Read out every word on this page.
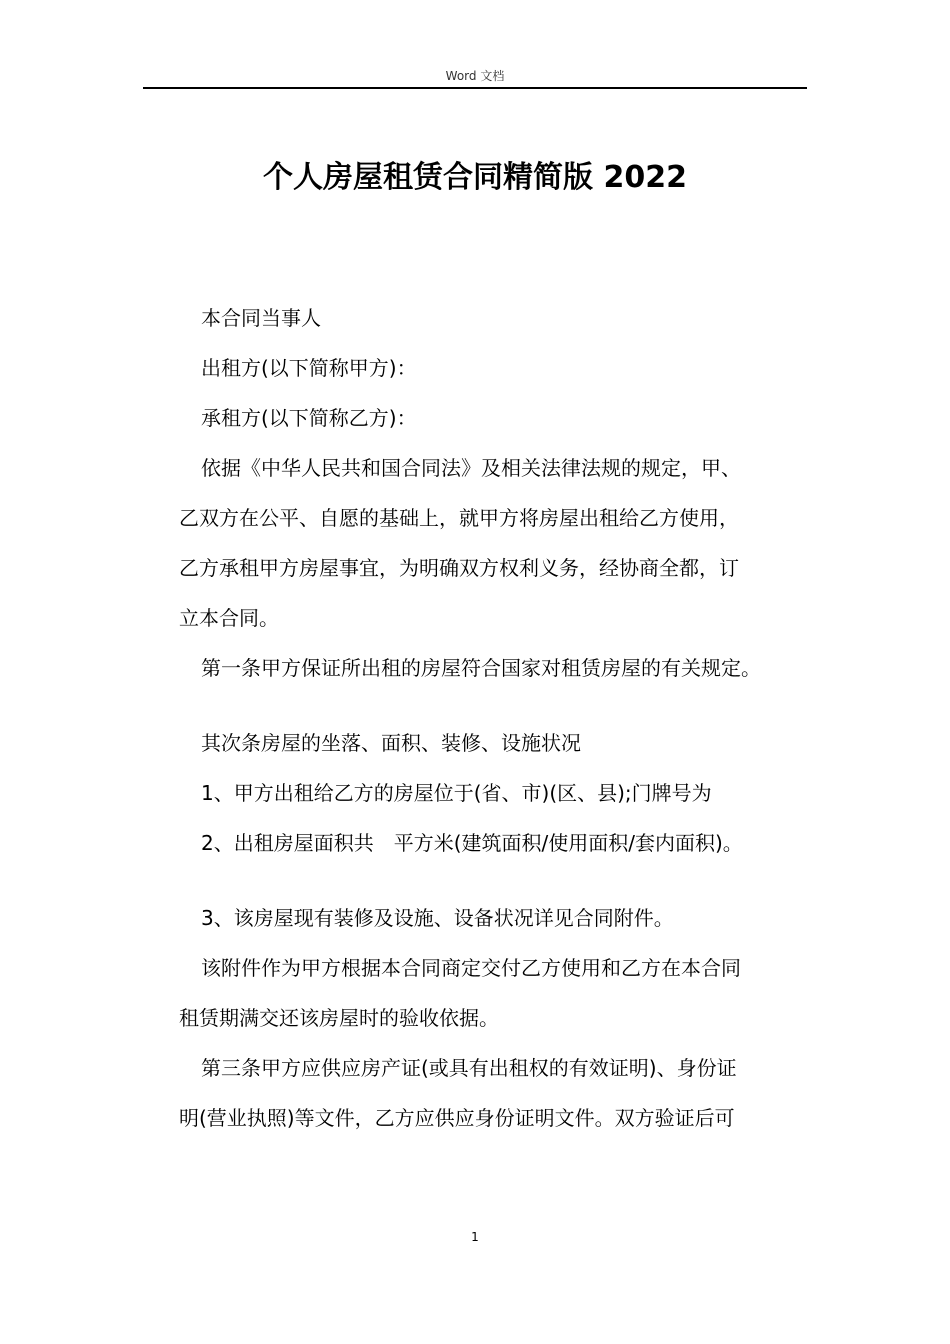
Word 文档
个人房屋租赁合同精简版 2022
本合同当事人
出租方(以下简称甲方)：
承租方(以下简称乙方)：
依据《中华人民共和国合同法》及相关法律法规的规定，甲、
乙双方在公平、自愿的基础上，就甲方将房屋出租给乙方使用，
乙方承租甲方房屋事宜，为明确双方权利义务，经协商全都，订
立本合同。
第一条甲方保证所出租的房屋符合国家对租赁房屋的有关规定。
其次条房屋的坐落、面积、装修、设施状况
1、甲方出租给乙方的房屋位于(省、市)(区、县);门牌号为
2、出租房屋面积共　平方米(建筑面积/使用面积/套内面积)。
3、该房屋现有装修及设施、设备状况详见合同附件。
该附件作为甲方根据本合同商定交付乙方使用和乙方在本合同
租赁期满交还该房屋时的验收依据。
第三条甲方应供应房产证(或具有出租权的有效证明)、身份证
明(营业执照)等文件，乙方应供应身份证明文件。双方验证后可
1
